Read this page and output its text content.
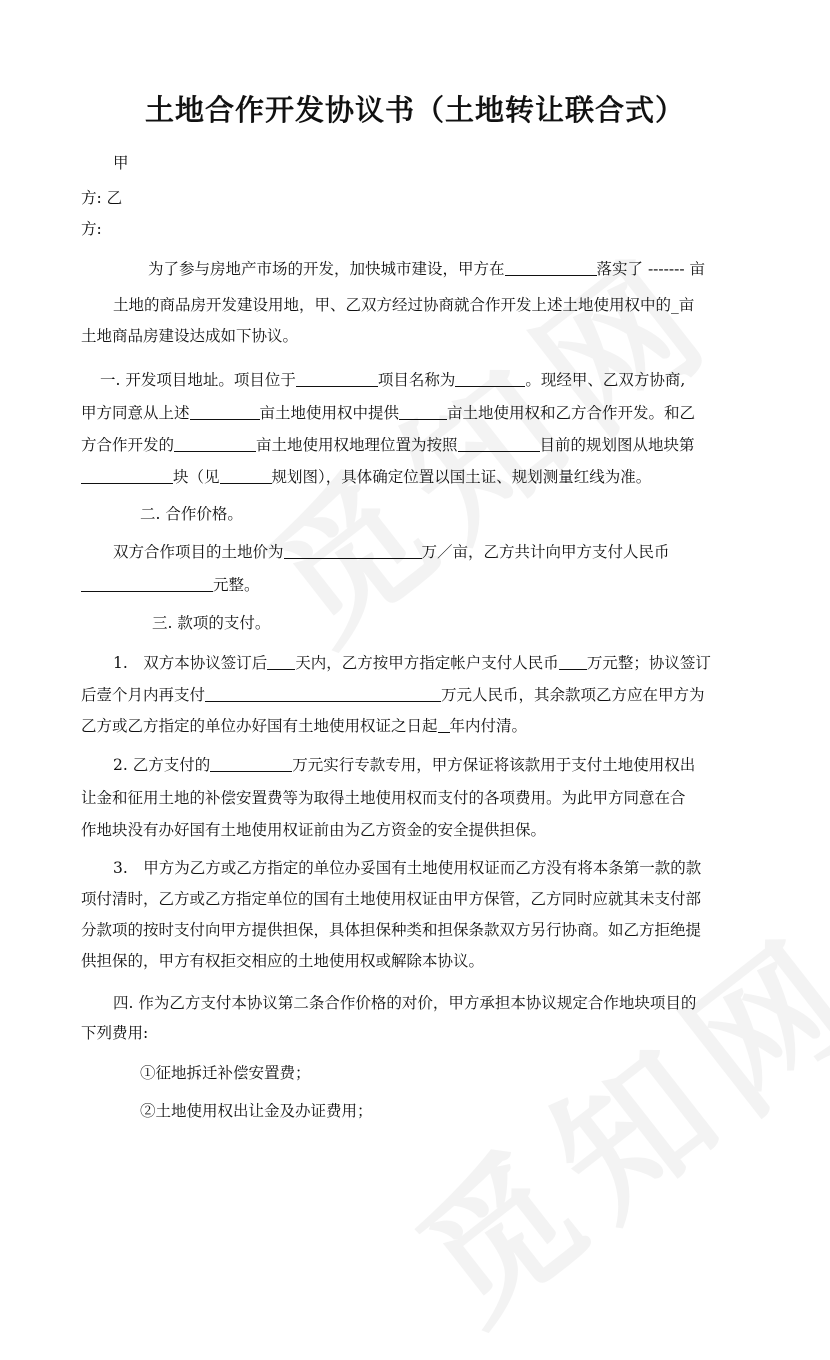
土地合作开发协议书（土地转让联合式）
甲
方: 乙
方:
为了参与房地产市场的开发，加快城市建设，甲方在	落实了 ------- 亩
土地的商品房开发建设用地，甲、乙双方经过协商就合作开发上述土地使用权中的_亩
土地商品房建设达成如下协议。
一. 开发项目地址。项目位于	项目名称为	。现经甲、乙双方协商,
甲方同意从上述	亩土地使用权中提供	亩土地使用权和乙方合作开发。和乙
方合作开发的	亩土地使用权地理位置为按照	目前的规划图从地块第
块（见	规划图），具体确定位置以国土证、规划测量红线为准。
二. 合作价格。
双方合作项目的土地价为	万／亩，乙方共计向甲方支付人民币
元整。
三. 款项的支付。
1.　双方本协议签订后 天内，乙方按甲方指定帐户支付人民币 万元整；协议签订
后壹个月内再支付	万元人民币，其余款项乙方应在甲方为
乙方或乙方指定的单位办好国有土地使用权证之日起 年内付清。
2. 乙方支付的	万元实行专款专用，甲方保证将该款用于支付土地使用权出
让金和征用土地的补偿安置费等为取得土地使用权而支付的各项费用。为此甲方同意在合
作地块没有办好国有土地使用权证前由为乙方资金的安全提供担保。
3.　甲方为乙方或乙方指定的单位办妥国有土地使用权证而乙方没有将本条第一款的款
项付清时，乙方或乙方指定单位的国有土地使用权证由甲方保管，乙方同时应就其未支付部
分款项的按时支付向甲方提供担保，具体担保种类和担保条款双方另行协商。如乙方拒绝提
供担保的，甲方有权拒交相应的土地使用权或解除本协议。
四. 作为乙方支付本协议第二条合作价格的对价，甲方承担本协议规定合作地块项目的
下列费用:
①征地拆迁补偿安置费；
②土地使用权出让金及办证费用；
